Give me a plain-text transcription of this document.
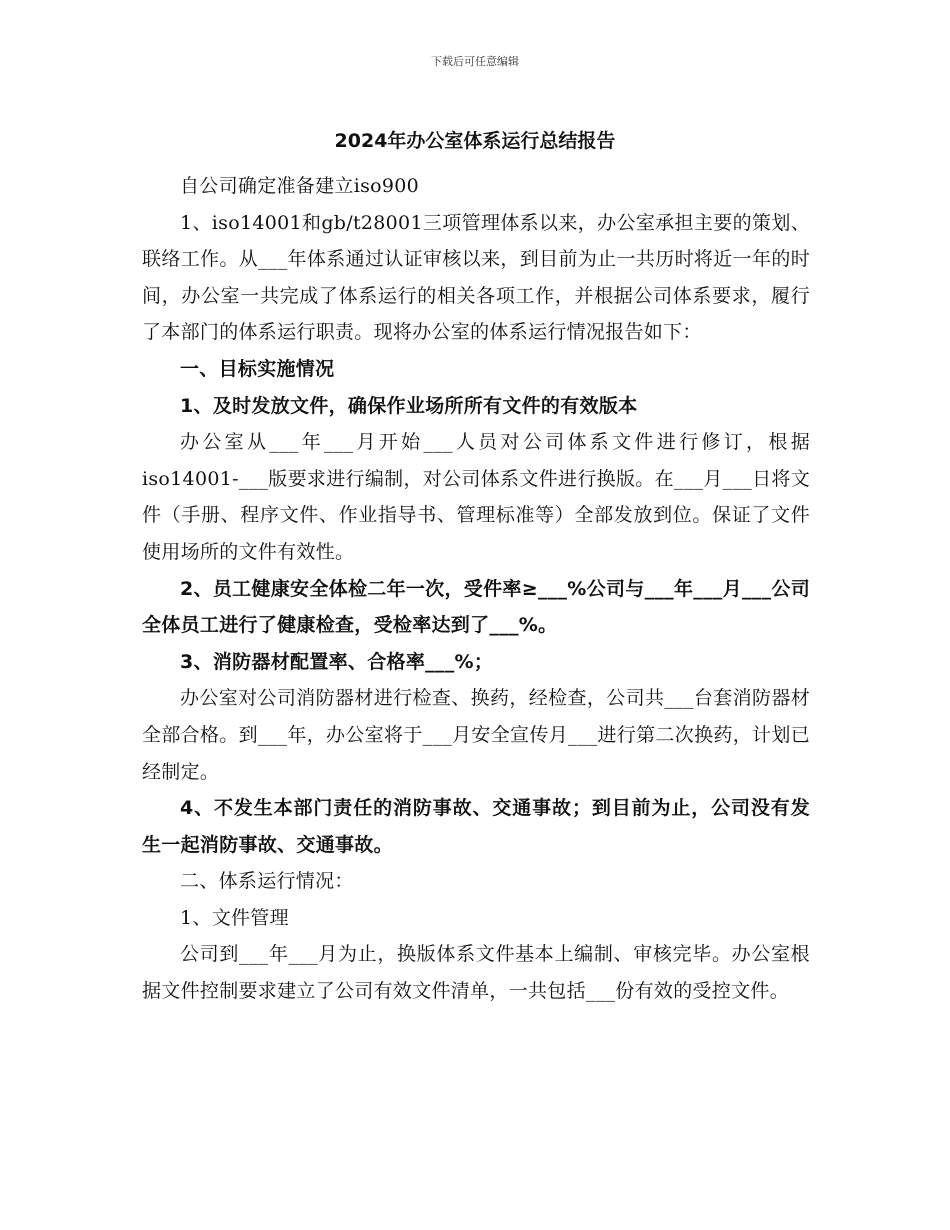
下载后可任意编辑
2024年办公室体系运行总结报告

自公司确定准备建立iso900

1、iso14001和gb/t28001三项管理体系以来，办公室承担主要的策划、联络工作。从___年体系通过认证审核以来，到目前为止一共历时将近一年的时间，办公室一共完成了体系运行的相关各项工作，并根据公司体系要求，履行了本部门的体系运行职责。现将办公室的体系运行情况报告如下：

一、目标实施情况

1、及时发放文件，确保作业场所所有文件的有效版本

办公室从___年___月开始___人员对公司体系文件进行修订，根据iso14001-___版要求进行编制，对公司体系文件进行换版。在___月___日将文件（手册、程序文件、作业指导书、管理标准等）全部发放到位。保证了文件使用场所的文件有效性。

2、员工健康安全体检二年一次，受件率≥___%公司与___年___月___公司全体员工进行了健康检查，受检率达到了___%。

3、消防器材配置率、合格率___%；

办公室对公司消防器材进行检查、换药，经检查，公司共___台套消防器材全部合格。到___年，办公室将于___月安全宣传月___进行第二次换药，计划已经制定。

4、不发生本部门责任的消防事故、交通事故；到目前为止，公司没有发生一起消防事故、交通事故。

二、体系运行情况：

1、文件管理

公司到___年___月为止，换版体系文件基本上编制、审核完毕。办公室根据文件控制要求建立了公司有效文件清单，一共包括___份有效的受控文件。
